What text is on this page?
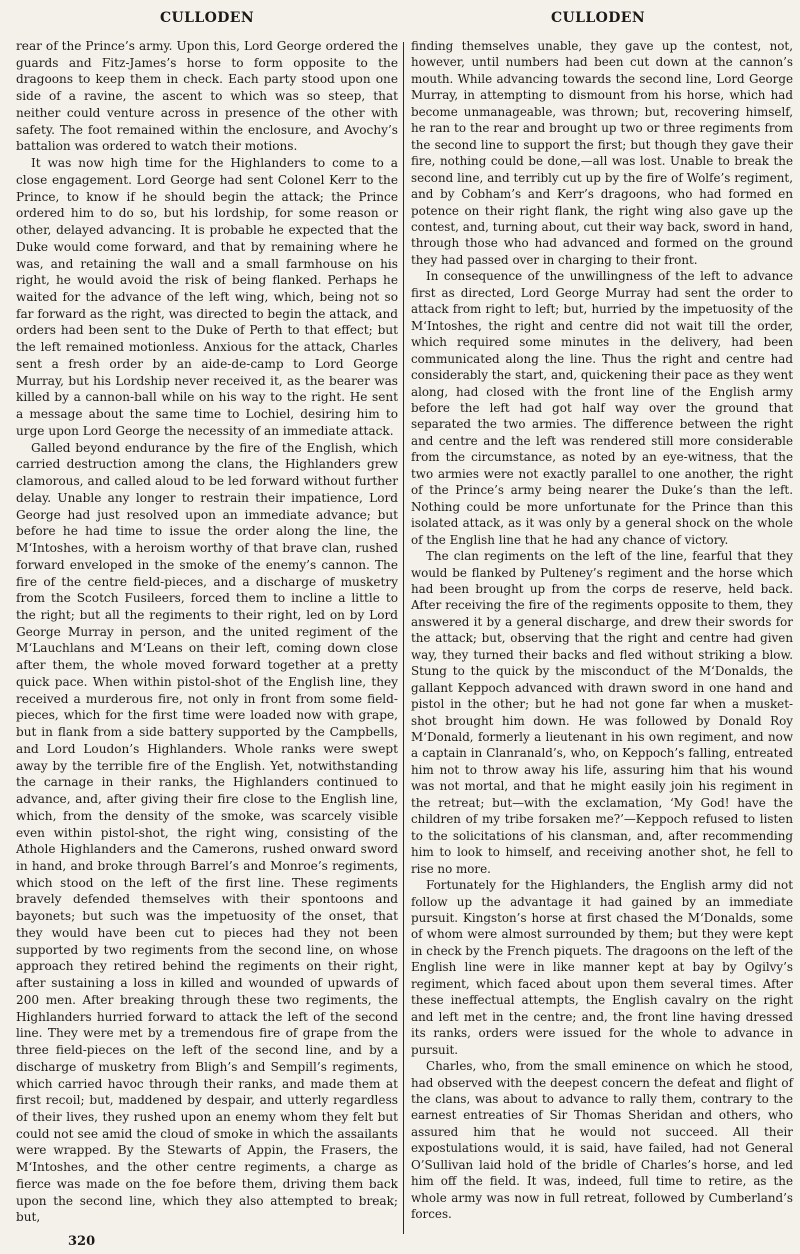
CULLODEN	CULLODEN

rear of the Prince’s army. Upon this, Lord George ordered the guards and Fitz-James’s horse to form opposite to the dragoons to keep them in check. Each party stood upon one side of a ravine, the ascent to which was so steep, that neither could venture across in presence of the other with safety. The foot remained within the enclosure, and Avochy’s battalion was ordered to watch their motions.

It was now high time for the Highlanders to come to a close engagement. Lord George had sent Colonel Kerr to the Prince, to know if he should begin the attack; the Prince ordered him to do so, but his lordship, for some reason or other, delayed advancing. It is probable he expected that the Duke would come forward, and that by remaining where he was, and retaining the wall and a small farmhouse on his right, he would avoid the risk of being flanked. Perhaps he waited for the advance of the left wing, which, being not so far forward as the right, was directed to begin the attack, and orders had been sent to the Duke of Perth to that effect; but the left remained motionless. Anxious for the attack, Charles sent a fresh order by an aide-de-camp to Lord George Murray, but his Lordship never received it, as the bearer was killed by a cannon-ball while on his way to the right. He sent a message about the same time to Lochiel, desiring him to urge upon Lord George the necessity of an immediate attack.

Galled beyond endurance by the fire of the English, which carried destruction among the clans, the Highlanders grew clamorous, and called aloud to be led forward without further delay. Unable any longer to restrain their impatience, Lord George had just resolved upon an immediate advance; but before he had time to issue the order along the line, the M‘Intoshes, with a heroism worthy of that brave clan, rushed forward enveloped in the smoke of the enemy’s cannon. The fire of the centre field-pieces, and a discharge of musketry from the Scotch Fusileers, forced them to incline a little to the right; but all the regiments to their right, led on by Lord George Murray in person, and the united regiment of the M‘Lauchlans and M‘Leans on their left, coming down close after them, the whole moved forward together at a pretty quick pace. When within pistol-shot of the English line, they received a murderous fire, not only in front from some field-pieces, which for the first time were loaded now with grape, but in flank from a side battery supported by the Campbells, and Lord Loudon’s Highlanders. Whole ranks were swept away by the terrible fire of the English. Yet, notwithstanding the carnage in their ranks, the Highlanders continued to advance, and, after giving their fire close to the English line, which, from the density of the smoke, was scarcely visible even within pistol-shot, the right wing, consisting of the Athole Highlanders and the Camerons, rushed onward sword in hand, and broke through Barrel’s and Monroe’s regiments, which stood on the left of the first line. These regiments bravely defended themselves with their spontoons and bayonets; but such was the impetuosity of the onset, that they would have been cut to pieces had they not been supported by two regiments from the second line, on whose approach they retired behind the regiments on their right, after sustaining a loss in killed and wounded of upwards of 200 men. After breaking through these two regiments, the Highlanders hurried forward to attack the left of the second line. They were met by a tremendous fire of grape from the three field-pieces on the left of the second line, and by a discharge of musketry from Bligh’s and Sempill’s regiments, which carried havoc through their ranks, and made them at first recoil; but, maddened by despair, and utterly regardless of their lives, they rushed upon an enemy whom they felt but could not see amid the cloud of smoke in which the assailants were wrapped. By the Stewarts of Appin, the Frasers, the M‘Intoshes, and the other centre regiments, a charge as fierce was made on the foe before them, driving them back upon the second line, which they also attempted to break; but,

finding themselves unable, they gave up the contest, not, however, until numbers had been cut down at the cannon’s mouth. While advancing towards the second line, Lord George Murray, in attempting to dismount from his horse, which had become unmanageable, was thrown; but, recovering himself, he ran to the rear and brought up two or three regiments from the second line to support the first; but though they gave their fire, nothing could be done,—all was lost. Unable to break the second line, and terribly cut up by the fire of Wolfe’s regiment, and by Cobham’s and Kerr’s dragoons, who had formed en potence on their right flank, the right wing also gave up the contest, and, turning about, cut their way back, sword in hand, through those who had advanced and formed on the ground they had passed over in charging to their front.

In consequence of the unwillingness of the left to advance first as directed, Lord George Murray had sent the order to attack from right to left; but, hurried by the impetuosity of the M‘Intoshes, the right and centre did not wait till the order, which required some minutes in the delivery, had been communicated along the line. Thus the right and centre had considerably the start, and, quickening their pace as they went along, had closed with the front line of the English army before the left had got half way over the ground that separated the two armies. The difference between the right and centre and the left was rendered still more considerable from the circumstance, as noted by an eye-witness, that the two armies were not exactly parallel to one another, the right of the Prince’s army being nearer the Duke’s than the left. Nothing could be more unfortunate for the Prince than this isolated attack, as it was only by a general shock on the whole of the English line that he had any chance of victory.

The clan regiments on the left of the line, fearful that they would be flanked by Pulteney’s regiment and the horse which had been brought up from the corps de reserve, held back. After receiving the fire of the regiments opposite to them, they answered it by a general discharge, and drew their swords for the attack; but, observing that the right and centre had given way, they turned their backs and fled without striking a blow. Stung to the quick by the misconduct of the M‘Donalds, the gallant Keppoch advanced with drawn sword in one hand and pistol in the other; but he had not gone far when a musket-shot brought him down. He was followed by Donald Roy M‘Donald, formerly a lieutenant in his own regiment, and now a captain in Clanranald’s, who, on Keppoch’s falling, entreated him not to throw away his life, assuring him that his wound was not mortal, and that he might easily join his regiment in the retreat; but—with the exclamation, ‘My God! have the children of my tribe forsaken me?’—Keppoch refused to listen to the solicitations of his clansman, and, after recommending him to look to himself, and receiving another shot, he fell to rise no more.

Fortunately for the Highlanders, the English army did not follow up the advantage it had gained by an immediate pursuit. Kingston’s horse at first chased the M‘Donalds, some of whom were almost surrounded by them; but they were kept in check by the French piquets. The dragoons on the left of the English line were in like manner kept at bay by Ogilvy’s regiment, which faced about upon them several times. After these ineffectual attempts, the English cavalry on the right and left met in the centre; and, the front line having dressed its ranks, orders were issued for the whole to advance in pursuit.

Charles, who, from the small eminence on which he stood, had observed with the deepest concern the defeat and flight of the clans, was about to advance to rally them, contrary to the earnest entreaties of Sir Thomas Sheridan and others, who assured him that he would not succeed. All their expostulations would, it is said, have failed, had not General O’Sullivan laid hold of the bridle of Charles’s horse, and led him off the field. It was, indeed, full time to retire, as the whole army was now in full retreat, followed by Cumberland’s forces.

320
